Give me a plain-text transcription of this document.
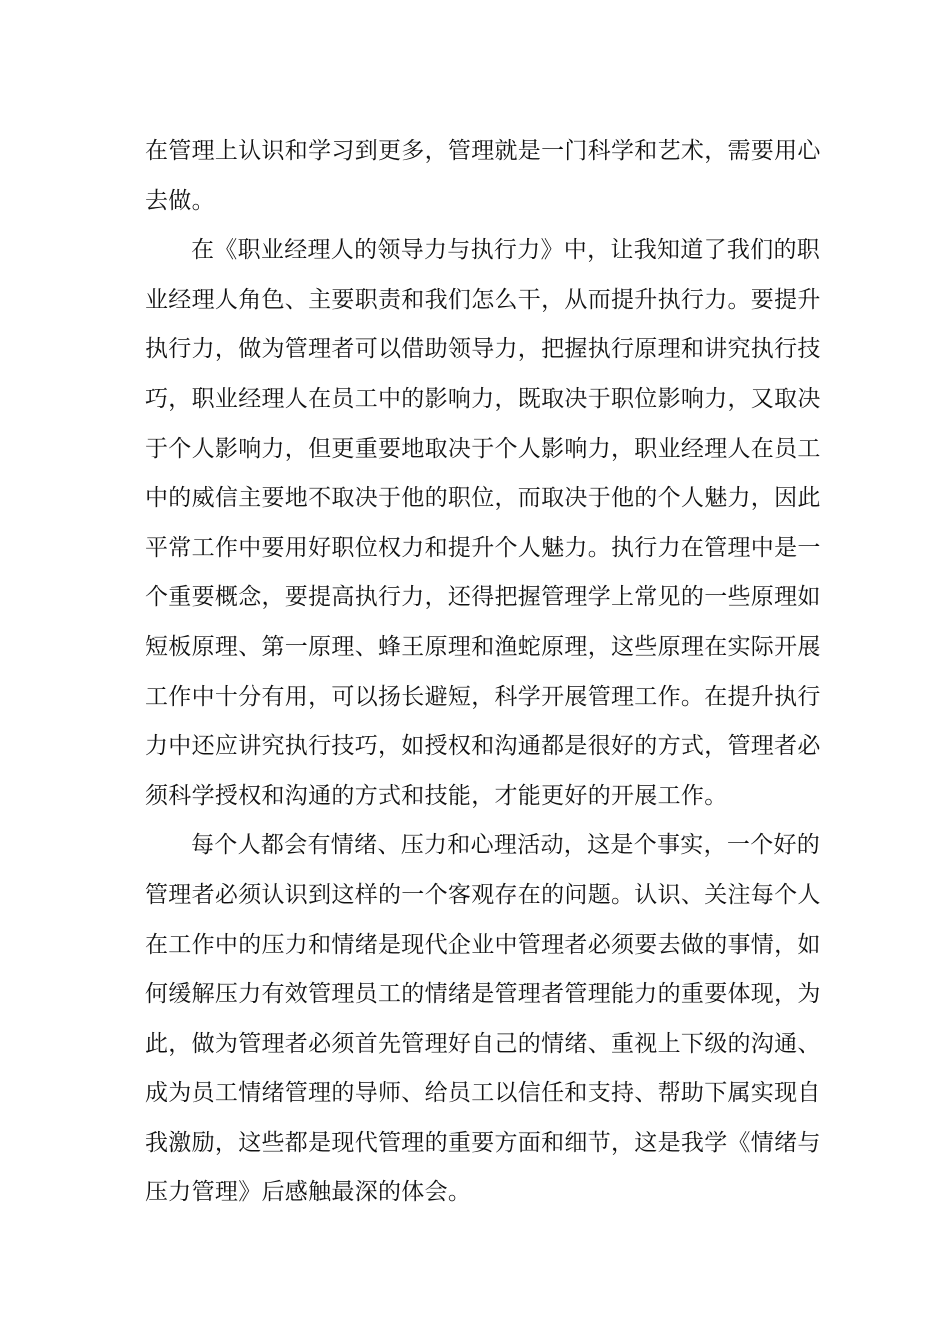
在管理上认识和学习到更多，管理就是一门科学和艺术，需要用心
去做。
在《职业经理人的领导力与执行力》中，让我知道了我们的职
业经理人角色、主要职责和我们怎么干，从而提升执行力。要提升
执行力，做为管理者可以借助领导力，把握执行原理和讲究执行技
巧，职业经理人在员工中的影响力，既取决于职位影响力，又取决
于个人影响力，但更重要地取决于个人影响力，职业经理人在员工
中的威信主要地不取决于他的职位，而取决于他的个人魅力，因此
平常工作中要用好职位权力和提升个人魅力。执行力在管理中是一
个重要概念，要提高执行力，还得把握管理学上常见的一些原理如
短板原理、第一原理、蜂王原理和渔蛇原理，这些原理在实际开展
工作中十分有用，可以扬长避短，科学开展管理工作。在提升执行
力中还应讲究执行技巧，如授权和沟通都是很好的方式，管理者必
须科学授权和沟通的方式和技能，才能更好的开展工作。
每个人都会有情绪、压力和心理活动，这是个事实，一个好的
管理者必须认识到这样的一个客观存在的问题。认识、关注每个人
在工作中的压力和情绪是现代企业中管理者必须要去做的事情，如
何缓解压力有效管理员工的情绪是管理者管理能力的重要体现，为
此，做为管理者必须首先管理好自己的情绪、重视上下级的沟通、
成为员工情绪管理的导师、给员工以信任和支持、帮助下属实现自
我激励，这些都是现代管理的重要方面和细节，这是我学《情绪与
压力管理》后感触最深的体会。
